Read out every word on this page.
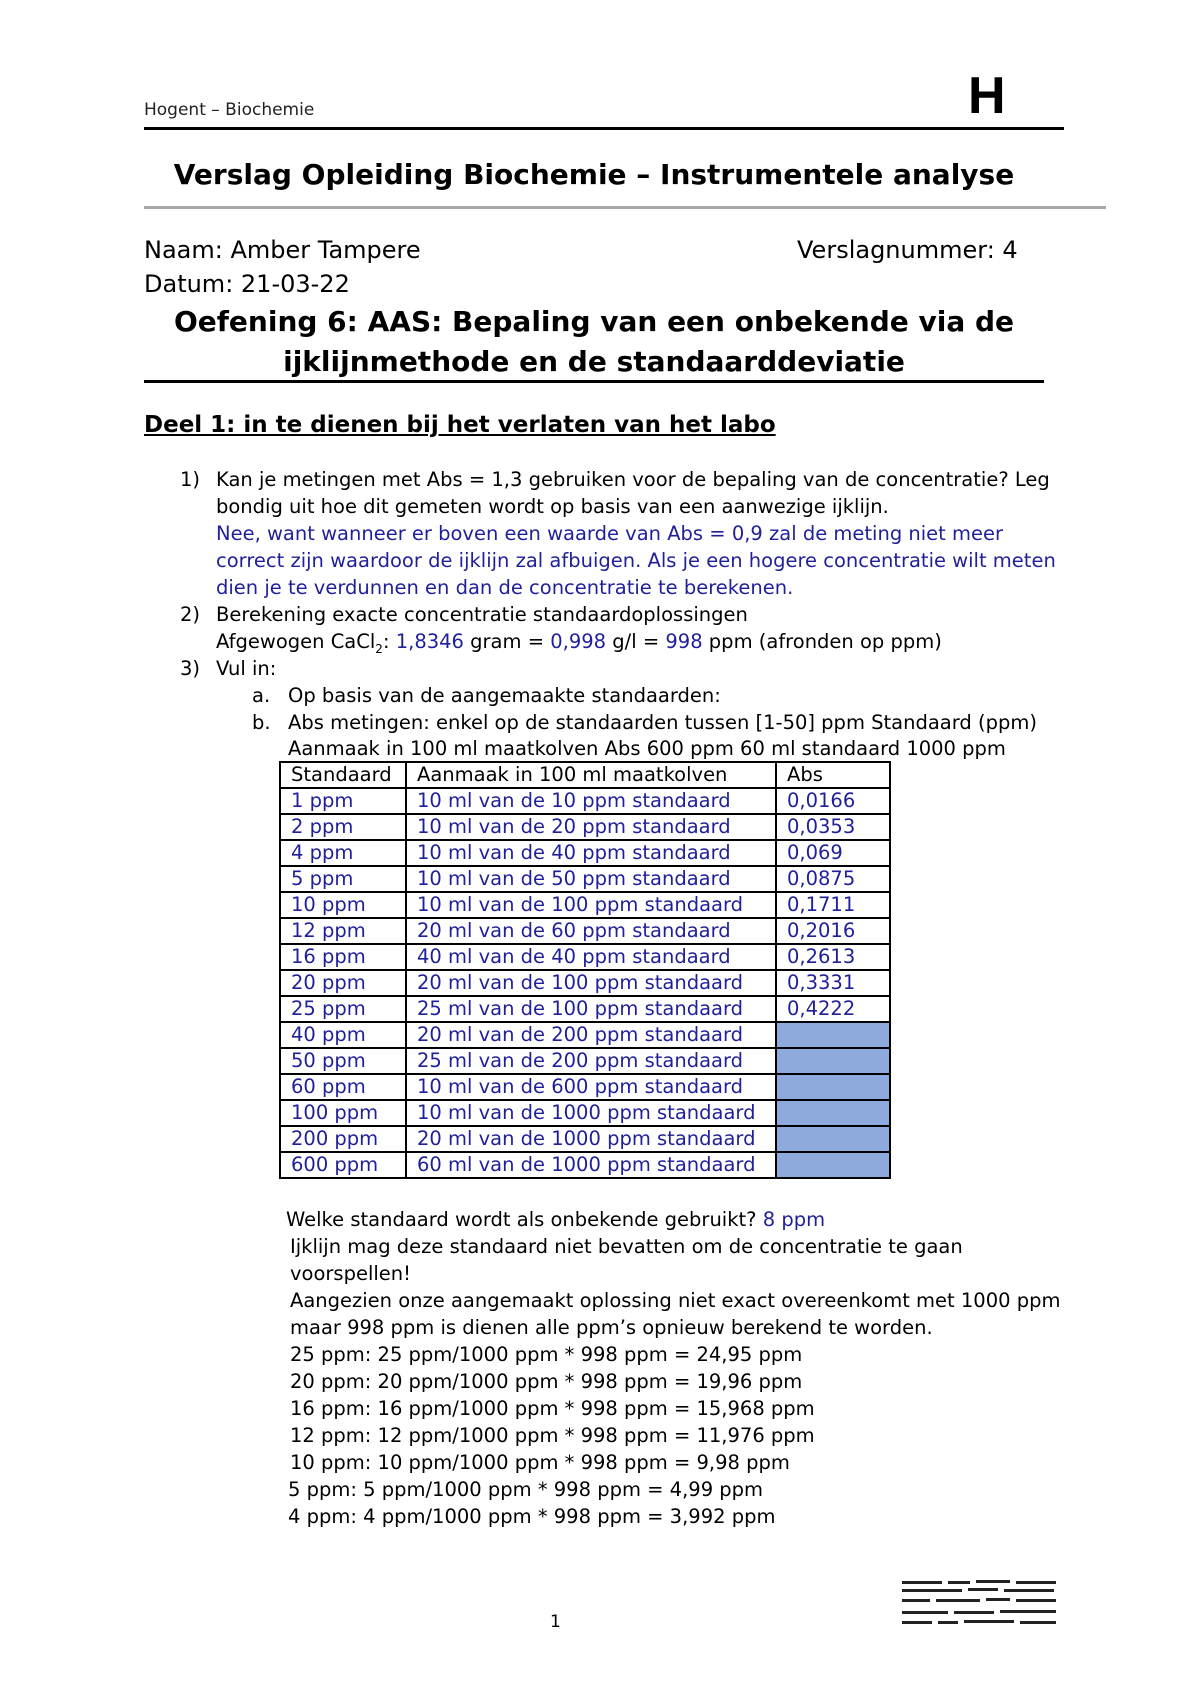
Hogent – Biochemie	H
Verslag Opleiding Biochemie – Instrumentele analyse
Naam: Amber Tampere	Verslagnummer: 4
Datum: 21-03-22
Oefening 6: AAS: Bepaling van een onbekende via de
ijklijnmethode en de standaarddeviatie
Deel 1: in te dienen bij het verlaten van het labo
1) Kan je metingen met Abs = 1,3 gebruiken voor de bepaling van de concentratie? Leg
bondig uit hoe dit gemeten wordt op basis van een aanwezige ijklijn.
Nee, want wanneer er boven een waarde van Abs = 0,9 zal de meting niet meer
correct zijn waardoor de ijklijn zal afbuigen. Als je een hogere concentratie wilt meten
dien je te verdunnen en dan de concentratie te berekenen.
2) Berekening exacte concentratie standaardoplossingen
Afgewogen CaCl$_2$: 1,8346 gram = 0,998 g/l = 998 ppm (afronden op ppm)
3) Vul in:
a. Op basis van de aangemaakte standaarden:
b. Abs metingen: enkel op de standaarden tussen [1-50] ppm Standaard (ppm)
Aanmaak in 100 ml maatkolven Abs 600 ppm 60 ml standaard 1000 ppm
Standaard	Aanmaak in 100 ml maatkolven	Abs
1 ppm	10 ml van de 10 ppm standaard	0,0166
2 ppm	10 ml van de 20 ppm standaard	0,0353
4 ppm	10 ml van de 40 ppm standaard	0,069
5 ppm	10 ml van de 50 ppm standaard	0,0875
10 ppm	10 ml van de 100 ppm standaard	0,1711
12 ppm	20 ml van de 60 ppm standaard	0,2016
16 ppm	40 ml van de 40 ppm standaard	0,2613
20 ppm	20 ml van de 100 ppm standaard	0,3331
25 ppm	25 ml van de 100 ppm standaard	0,4222
40 ppm	20 ml van de 200 ppm standaard	
50 ppm	25 ml van de 200 ppm standaard	
60 ppm	10 ml van de 600 ppm standaard	
100 ppm	10 ml van de 1000 ppm standaard	
200 ppm	20 ml van de 1000 ppm standaard	
600 ppm	60 ml van de 1000 ppm standaard	
Welke standaard wordt als onbekende gebruikt? 8 ppm
Ijklijn mag deze standaard niet bevatten om de concentratie te gaan
voorspellen!
Aangezien onze aangemaakt oplossing niet exact overeenkomt met 1000 ppm
maar 998 ppm is dienen alle ppm’s opnieuw berekend te worden.
25 ppm: 25 ppm/1000 ppm * 998 ppm = 24,95 ppm
20 ppm: 20 ppm/1000 ppm * 998 ppm = 19,96 ppm
16 ppm: 16 ppm/1000 ppm * 998 ppm = 15,968 ppm
12 ppm: 12 ppm/1000 ppm * 998 ppm = 11,976 ppm
10 ppm: 10 ppm/1000 ppm * 998 ppm = 9,98 ppm
5 ppm: 5 ppm/1000 ppm * 998 ppm = 4,99 ppm
4 ppm: 4 ppm/1000 ppm * 998 ppm = 3,992 ppm
1
